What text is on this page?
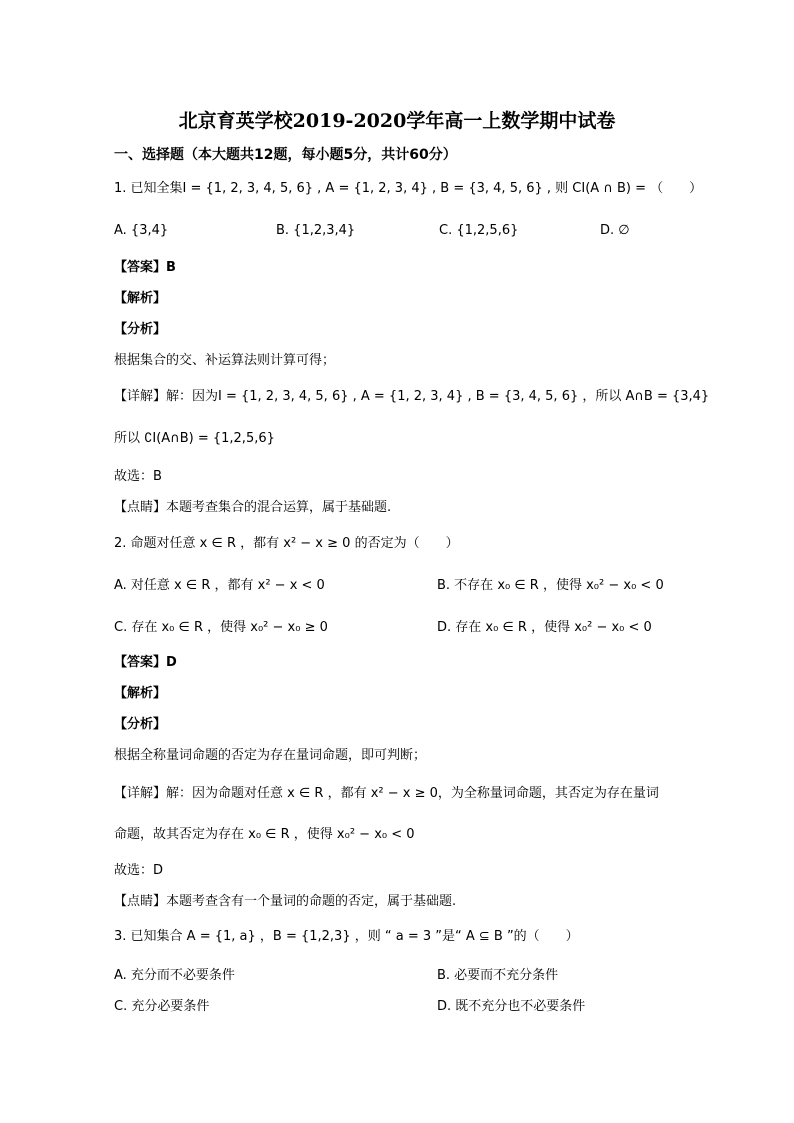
北京育英学校2019-2020学年高一上数学期中试卷
一、选择题（本大题共12题，每小题5分，共计60分）
1. 已知全集I = {1, 2, 3, 4, 5, 6} , A = {1, 2, 3, 4} , B = {3, 4, 5, 6} , 则 CI(A ∩ B) = （　　）
A. {3,4}	B. {1,2,3,4}	C. {1,2,5,6}	D. ∅
【答案】B
【解析】
【分析】
根据集合的交、补运算法则计算可得；
【详解】解：因为I = {1, 2, 3, 4, 5, 6} , A = {1, 2, 3, 4} , B = {3, 4, 5, 6} ，所以 A∩B = {3,4}
所以 ∁I(A∩B) = {1,2,5,6}
故选：B
【点睛】本题考查集合的混合运算，属于基础题.
2. 命题对任意 x ∈ R ，都有 x² − x ≥ 0 的否定为（　　）
A. 对任意 x ∈ R ，都有 x² − x < 0	B. 不存在 x₀ ∈ R ，使得 x₀² − x₀ < 0
C. 存在 x₀ ∈ R ，使得 x₀² − x₀ ≥ 0	D. 存在 x₀ ∈ R ，使得 x₀² − x₀ < 0
【答案】D
【解析】
【分析】
根据全称量词命题的否定为存在量词命题，即可判断；
【详解】解：因为命题对任意 x ∈ R ，都有 x² − x ≥ 0，为全称量词命题，其否定为存在量词
命题，故其否定为存在 x₀ ∈ R ，使得 x₀² − x₀ < 0
故选：D
【点睛】本题考查含有一个量词的命题的否定，属于基础题.
3. 已知集合 A = {1, a} ，B = {1,2,3} ，则 “ a = 3 ”是“ A ⊆ B ”的（　　）
A. 充分而不必要条件	B. 必要而不充分条件
C. 充分必要条件	D. 既不充分也不必要条件
